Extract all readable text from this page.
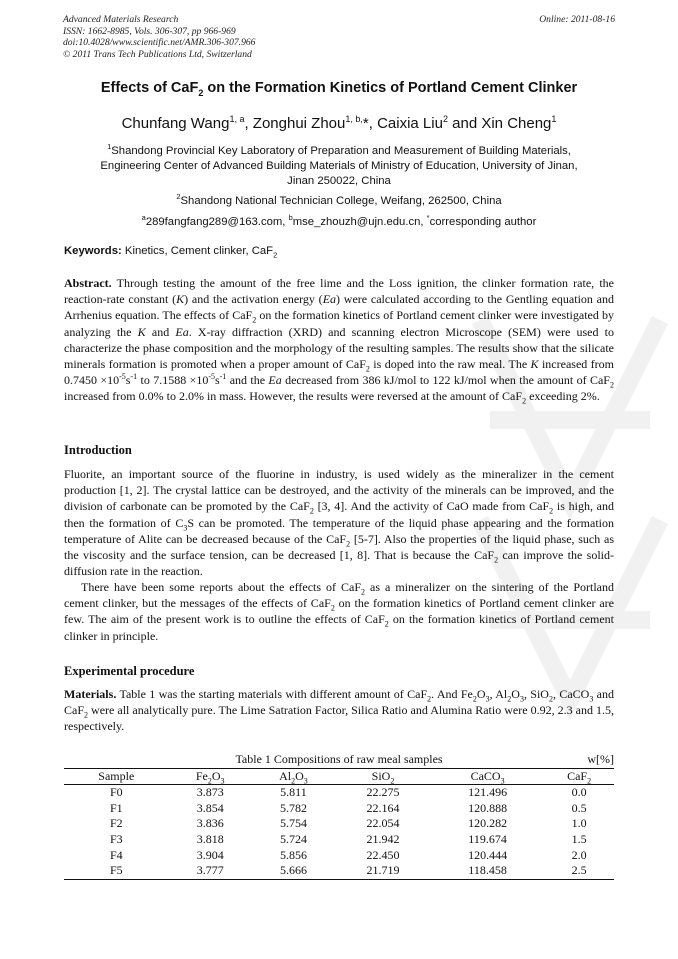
Advanced Materials Research
ISSN: 1662-8985, Vols. 306-307, pp 966-969
doi:10.4028/www.scientific.net/AMR.306-307.966
© 2011 Trans Tech Publications Ltd, Switzerland
Online: 2011-08-16
Effects of CaF$_2$ on the Formation Kinetics of Portland Cement Clinker
Chunfang Wang$^{1, a}$, Zonghui Zhou$^{1, b,}$*, Caixia Liu$^2$ and Xin Cheng$^1$
$^1$Shandong Provincial Key Laboratory of Preparation and Measurement of Building Materials,
Engineering Center of Advanced Building Materials of Ministry of Education, University of Jinan,
Jinan 250022, China
$^2$Shandong National Technician College, Weifang, 262500, China
$^a$289fangfang289@163.com, $^b$mse_zhouzh@ujn.edu.cn, *corresponding author
Keywords: Kinetics, Cement clinker, CaF$_2$
Abstract. Through testing the amount of the free lime and the Loss ignition, the clinker formation rate, the reaction-rate constant (K) and the activation energy (Ea) were calculated according to the Gentling equation and Arrhenius equation. The effects of CaF$_2$ on the formation kinetics of Portland cement clinker were investigated by analyzing the K and Ea. X-ray diffraction (XRD) and scanning electron Microscope (SEM) were used to characterize the phase composition and the morphology of the resulting samples. The results show that the silicate minerals formation is promoted when a proper amount of CaF$_2$ is doped into the raw meal. The K increased from $0.7450 \times 10^{-5}s^{-1}$ to $7.1588 \times 10^{-5}s^{-1}$ and the Ea decreased from 386 kJ/mol to 122 kJ/mol when the amount of CaF$_2$ increased from 0.0% to 2.0% in mass. However, the results were reversed at the amount of CaF$_2$ exceeding 2%.
Introduction
Fluorite, an important source of the fluorine in industry, is used widely as the mineralizer in the cement production [1, 2]. The crystal lattice can be destroyed, and the activity of the minerals can be improved, and the division of carbonate can be promoted by the CaF$_2$ [3, 4]. And the activity of CaO made from CaF$_2$ is high, and then the formation of $C_3S$ can be promoted. The temperature of the liquid phase appearing and the formation temperature of Alite can be decreased because of the CaF$_2$ [5-7]. Also the properties of the liquid phase, such as the viscosity and the surface tension, can be decreased [1, 8]. That is because the CaF$_2$ can improve the solid-diffusion rate in the reaction.
There have been some reports about the effects of CaF$_2$ as a mineralizer on the sintering of the Portland cement clinker, but the messages of the effects of CaF$_2$ on the formation kinetics of Portland cement clinker are few. The aim of the present work is to outline the effects of CaF$_2$ on the formation kinetics of Portland cement clinker in principle.
Experimental procedure
Materials. Table 1 was the starting materials with different amount of CaF$_2$. And $Fe_2O_3$, $Al_2O_3$, SiO$_2$, CaCO$_3$ and CaF$_2$ were all analytically pure. The Lime Satration Factor, Silica Ratio and Alumina Ratio were 0.92, 2.3 and 1.5, respectively.
Table 1 Compositions of raw meal samples	w[%]
Sample	$Fe_2O_3$	$Al_2O_3$	SiO$_2$	CaCO$_3$	CaF$_2$
F0	3.873	5.811	22.275	121.496	0.0
F1	3.854	5.782	22.164	120.888	0.5
F2	3.836	5.754	22.054	120.282	1.0
F3	3.818	5.724	21.942	119.674	1.5
F4	3.904	5.856	22.450	120.444	2.0
F5	3.777	5.666	21.719	118.458	2.5
